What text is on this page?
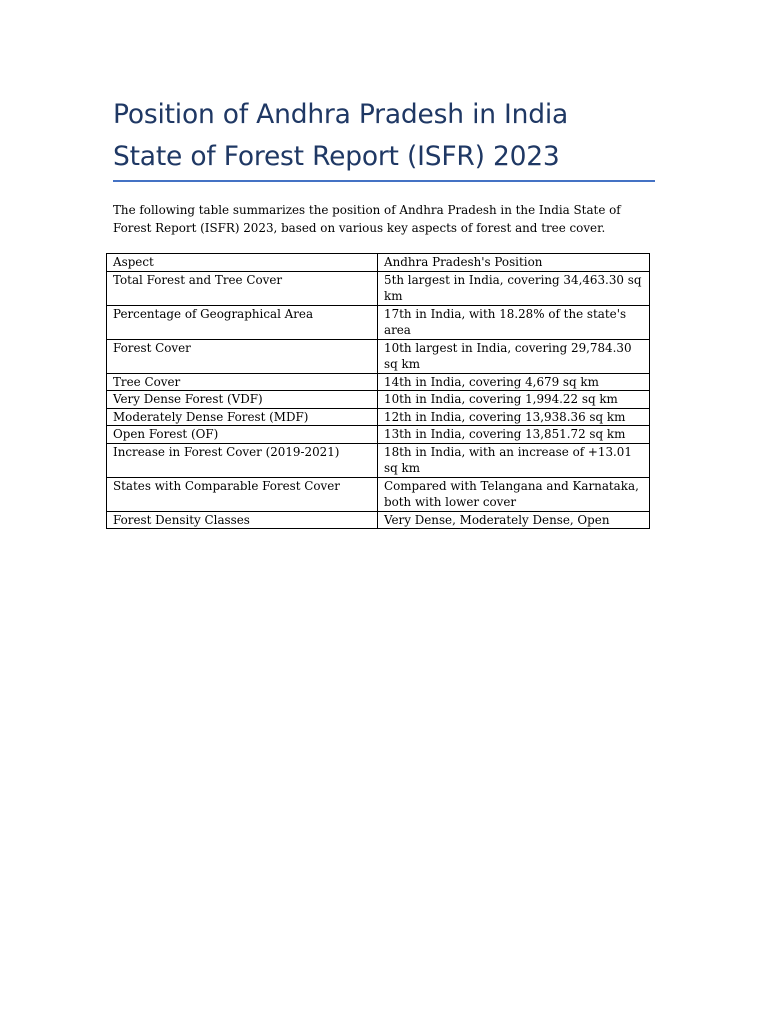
Position of Andhra Pradesh in India
State of Forest Report (ISFR) 2023

The following table summarizes the position of Andhra Pradesh in the India State of Forest Report (ISFR) 2023, based on various key aspects of forest and tree cover.

Aspect	Andhra Pradesh's Position
Total Forest and Tree Cover	5th largest in India, covering 34,463.30 sq km
Percentage of Geographical Area	17th in India, with 18.28% of the state's area
Forest Cover	10th largest in India, covering 29,784.30 sq km
Tree Cover	14th in India, covering 4,679 sq km
Very Dense Forest (VDF)	10th in India, covering 1,994.22 sq km
Moderately Dense Forest (MDF)	12th in India, covering 13,938.36 sq km
Open Forest (OF)	13th in India, covering 13,851.72 sq km
Increase in Forest Cover (2019-2021)	18th in India, with an increase of +13.01 sq km
States with Comparable Forest Cover	Compared with Telangana and Karnataka, both with lower cover
Forest Density Classes	Very Dense, Moderately Dense, Open
